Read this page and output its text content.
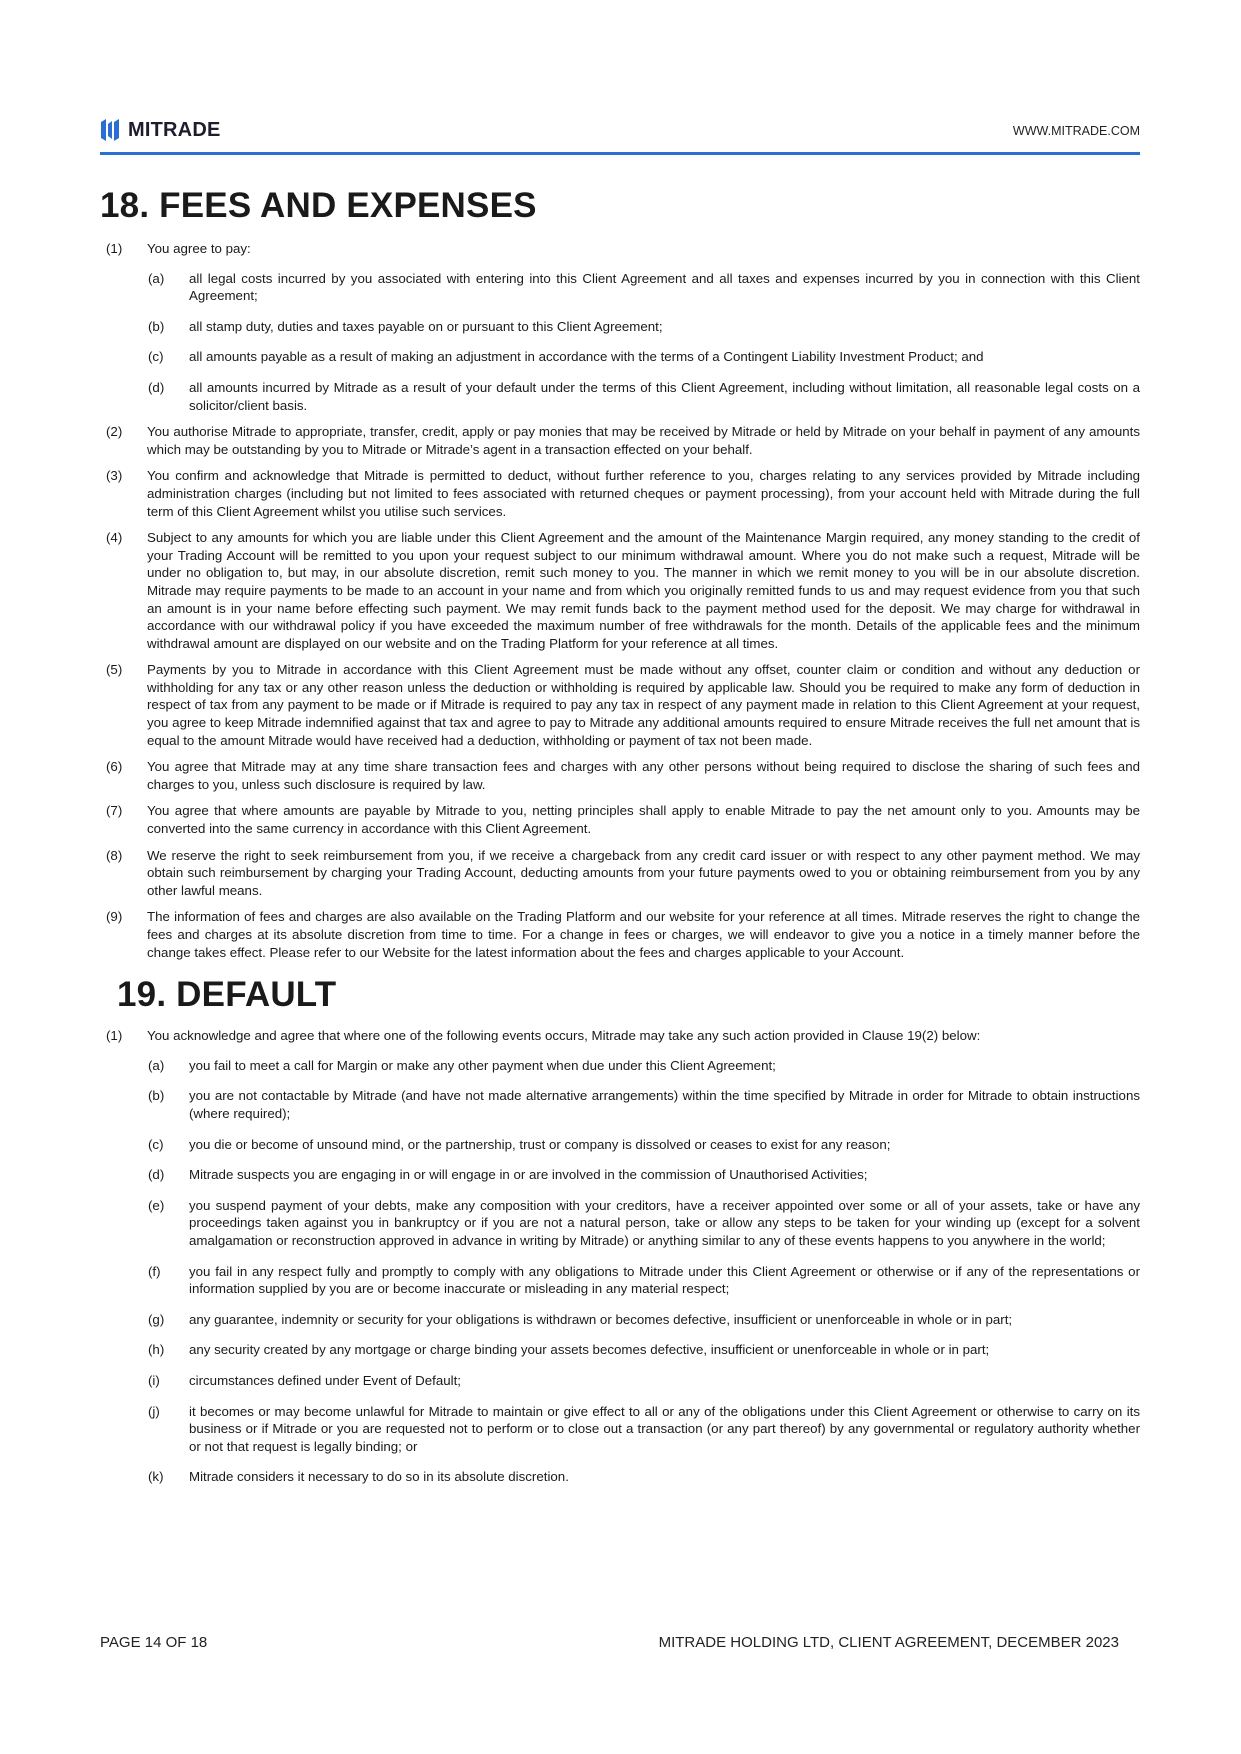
MITRADE	WWW.MITRADE.COM
18. FEES AND EXPENSES
(1) You agree to pay:
(a) all legal costs incurred by you associated with entering into this Client Agreement and all taxes and expenses incurred by you in connection with this Client Agreement;
(b) all stamp duty, duties and taxes payable on or pursuant to this Client Agreement;
(c) all amounts payable as a result of making an adjustment in accordance with the terms of a Contingent Liability Investment Product; and
(d) all amounts incurred by Mitrade as a result of your default under the terms of this Client Agreement, including without limitation, all reasonable legal costs on a solicitor/client basis.
(2) You authorise Mitrade to appropriate, transfer, credit, apply or pay monies that may be received by Mitrade or held by Mitrade on your behalf in payment of any amounts which may be outstanding by you to Mitrade or Mitrade’s agent in a transaction effected on your behalf.
(3) You confirm and acknowledge that Mitrade is permitted to deduct, without further reference to you, charges relating to any services provided by Mitrade including administration charges (including but not limited to fees associated with returned cheques or payment processing), from your account held with Mitrade during the full term of this Client Agreement whilst you utilise such services.
(4) Subject to any amounts for which you are liable under this Client Agreement and the amount of the Maintenance Margin required, any money standing to the credit of your Trading Account will be remitted to you upon your request subject to our minimum withdrawal amount. Where you do not make such a request, Mitrade will be under no obligation to, but may, in our absolute discretion, remit such money to you. The manner in which we remit money to you will be in our absolute discretion. Mitrade may require payments to be made to an account in your name and from which you originally remitted funds to us and may request evidence from you that such an amount is in your name before effecting such payment. We may remit funds back to the payment method used for the deposit. We may charge for withdrawal in accordance with our withdrawal policy if you have exceeded the maximum number of free withdrawals for the month. Details of the applicable fees and the minimum withdrawal amount are displayed on our website and on the Trading Platform for your reference at all times.
(5) Payments by you to Mitrade in accordance with this Client Agreement must be made without any offset, counter claim or condition and without any deduction or withholding for any tax or any other reason unless the deduction or withholding is required by applicable law. Should you be required to make any form of deduction in respect of tax from any payment to be made or if Mitrade is required to pay any tax in respect of any payment made in relation to this Client Agreement at your request, you agree to keep Mitrade indemnified against that tax and agree to pay to Mitrade any additional amounts required to ensure Mitrade receives the full net amount that is equal to the amount Mitrade would have received had a deduction, withholding or payment of tax not been made.
(6) You agree that Mitrade may at any time share transaction fees and charges with any other persons without being required to disclose the sharing of such fees and charges to you, unless such disclosure is required by law.
(7) You agree that where amounts are payable by Mitrade to you, netting principles shall apply to enable Mitrade to pay the net amount only to you. Amounts may be converted into the same currency in accordance with this Client Agreement.
(8) We reserve the right to seek reimbursement from you, if we receive a chargeback from any credit card issuer or with respect to any other payment method. We may obtain such reimbursement by charging your Trading Account, deducting amounts from your future payments owed to you or obtaining reimbursement from you by any other lawful means.
(9) The information of fees and charges are also available on the Trading Platform and our website for your reference at all times. Mitrade reserves the right to change the fees and charges at its absolute discretion from time to time. For a change in fees or charges, we will endeavor to give you a notice in a timely manner before the change takes effect. Please refer to our Website for the latest information about the fees and charges applicable to your Account.
19. DEFAULT
(1) You acknowledge and agree that where one of the following events occurs, Mitrade may take any such action provided in Clause 19(2) below:
(a) you fail to meet a call for Margin or make any other payment when due under this Client Agreement;
(b) you are not contactable by Mitrade (and have not made alternative arrangements) within the time specified by Mitrade in order for Mitrade to obtain instructions (where required);
(c) you die or become of unsound mind, or the partnership, trust or company is dissolved or ceases to exist for any reason;
(d) Mitrade suspects you are engaging in or will engage in or are involved in the commission of Unauthorised Activities;
(e) you suspend payment of your debts, make any composition with your creditors, have a receiver appointed over some or all of your assets, take or have any proceedings taken against you in bankruptcy or if you are not a natural person, take or allow any steps to be taken for your winding up (except for a solvent amalgamation or reconstruction approved in advance in writing by Mitrade) or anything similar to any of these events happens to you anywhere in the world;
(f) you fail in any respect fully and promptly to comply with any obligations to Mitrade under this Client Agreement or otherwise or if any of the representations or information supplied by you are or become inaccurate or misleading in any material respect;
(g) any guarantee, indemnity or security for your obligations is withdrawn or becomes defective, insufficient or unenforceable in whole or in part;
(h) any security created by any mortgage or charge binding your assets becomes defective, insufficient or unenforceable in whole or in part;
(i) circumstances defined under Event of Default;
(j) it becomes or may become unlawful for Mitrade to maintain or give effect to all or any of the obligations under this Client Agreement or otherwise to carry on its business or if Mitrade or you are requested not to perform or to close out a transaction (or any part thereof) by any governmental or regulatory authority whether or not that request is legally binding; or
(k) Mitrade considers it necessary to do so in its absolute discretion.
PAGE 14 OF 18	MITRADE HOLDING LTD, CLIENT AGREEMENT, DECEMBER 2023
